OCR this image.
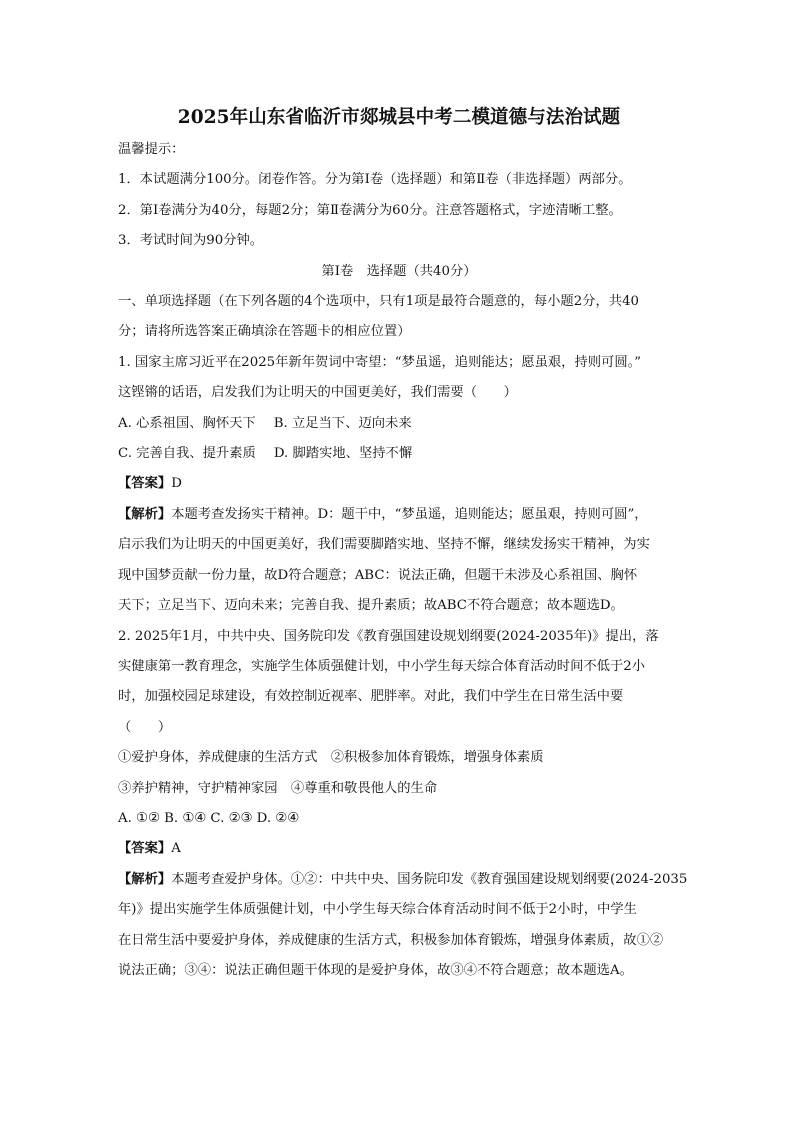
2025年山东省临沂市郯城县中考二模道德与法治试题

温馨提示：

1．本试题满分100分。闭卷作答。分为第Ⅰ卷（选择题）和第Ⅱ卷（非选择题）两部分。

2．第Ⅰ卷满分为40分，每题2分；第Ⅱ卷满分为60分。注意答题格式，字迹清晰工整。

3．考试时间为90分钟。

第Ⅰ卷　选择题（共40分）

一、单项选择题（在下列各题的4个选项中，只有1项是最符合题意的，每小题2分，共40

分；请将所选答案正确填涂在答题卡的相应位置）

1. 国家主席习近平在2025年新年贺词中寄望：“梦虽遥，追则能达；愿虽艰，持则可圆。”

这铿锵的话语，启发我们为让明天的中国更美好，我们需要（　　）

A. 心系祖国、胸怀天下 B. 立足当下、迈向未来

C. 完善自我、提升素质 D. 脚踏实地、坚持不懈

【答案】D

【解析】本题考查发扬实干精神。D：题干中，“梦虽遥，追则能达；愿虽艰，持则可圆”，

启示我们为让明天的中国更美好，我们需要脚踏实地、坚持不懈，继续发扬实干精神，为实

现中国梦贡献一份力量，故D符合题意；ABC：说法正确，但题干未涉及心系祖国、胸怀

天下；立足当下、迈向未来；完善自我、提升素质；故ABC不符合题意；故本题选D。

2. 2025年1月，中共中央、国务院印发《教育强国建设规划纲要(2024-2035年)》提出，落

实健康第一教育理念，实施学生体质强健计划，中小学生每天综合体育活动时间不低于2小

时，加强校园足球建设，有效控制近视率、肥胖率。对此，我们中学生在日常生活中要

（　　）

①爱护身体，养成健康的生活方式　②积极参加体育锻炼，增强身体素质

③养护精神，守护精神家园　④尊重和敬畏他人的生命

A. ①② B. ①④ C. ②③ D. ②④

【答案】A

【解析】本题考查爱护身体。①②：中共中央、国务院印发《教育强国建设规划纲要(2024-2035

年)》提出实施学生体质强健计划，中小学生每天综合体育活动时间不低于2小时，中学生

在日常生活中要爱护身体，养成健康的生活方式，积极参加体育锻炼，增强身体素质，故①②

说法正确；③④：说法正确但题干体现的是爱护身体，故③④不符合题意；故本题选A。
